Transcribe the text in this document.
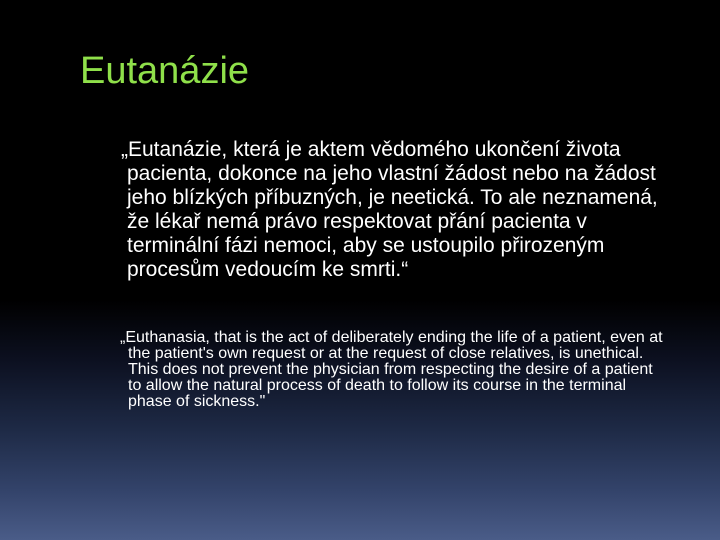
Eutanázie

„Eutanázie, která je aktem vědomého ukončení života pacienta, dokonce na jeho vlastní žádost nebo na žádost jeho blízkých příbuzných, je neetická. To ale neznamená, že lékař nemá právo respektovat přání pacienta v terminální fázi nemoci, aby se ustoupilo přirozeným procesům vedoucím ke smrti.“

„Euthanasia, that is the act of deliberately ending the life of a patient, even at the patient's own request or at the request of close relatives, is unethical. This does not prevent the physician from respecting the desire of a patient to allow the natural process of death to follow its course in the terminal phase of sickness."
